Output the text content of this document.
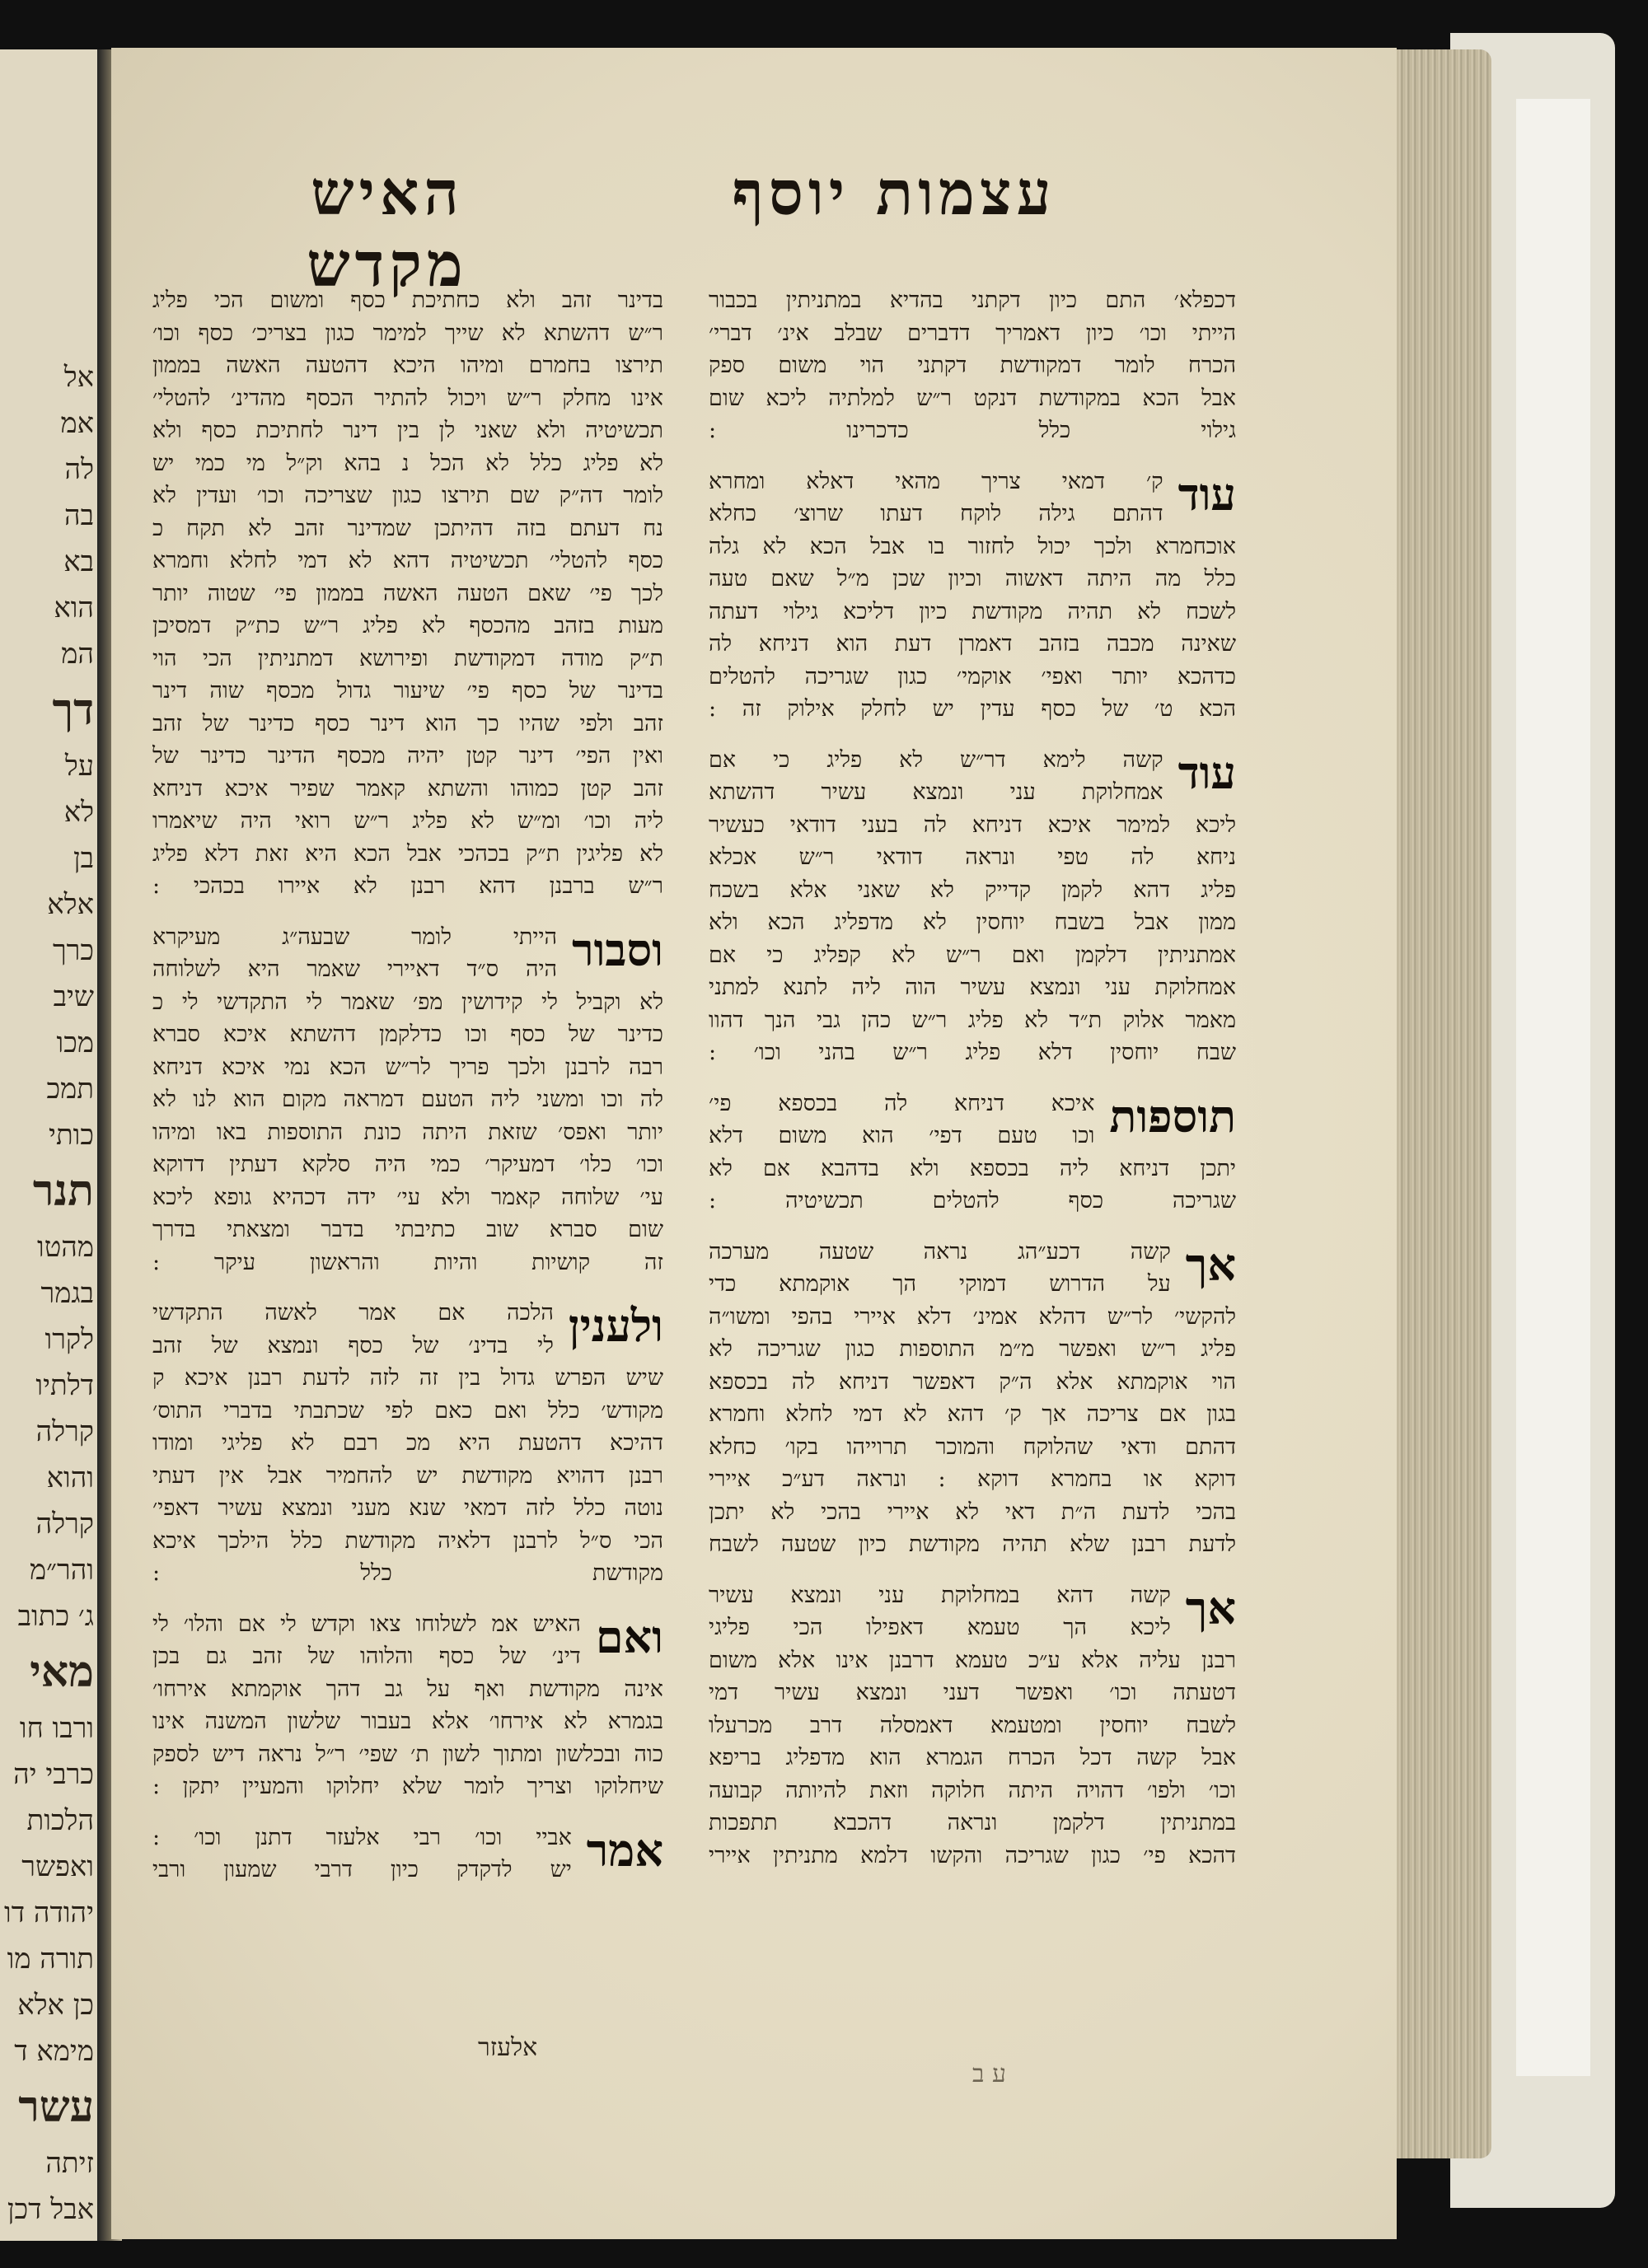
אל
אמ
לה
בה
בא
הוא
המ
דך
על
לא
בן
אלא
כרך
שיב
מכו
תמכ
כותי
תנר
מהטו
בגמר
לקרו
דלתיו
קרלה
והוא
קרלה
והר״מ
ג׳ כתוב
מאי
ורבו חו
כרבי יה
הלכות
ואפשר
יהודה דו
תורה מו
כן אלא
מימא ד
עשר
זיתה
אבל דכן
עצמות יוסף
האיש מקדש	דכפלא׳ התם כיון דקתני בהדיא במתניתין בכבור
הייתי וכו׳ כיון דאמריך דדברים שבלב אינ׳ דברי׳
הכרח לומר דמקודשת דקתני הוי משום ספק
אבל הכא במקודשת דנקט ר״ש למלתיה ליכא שום
גילוי כלל כדכרינו :
עוד
ק׳ דמאי צריך מהאי דאלא ומחרא
דהתם גילה לוקח דעתו שרוצ׳ כחלא
אוכחמרא ולכך יכול לחזור בו אבל הכא לא גלה
כלל מה היתה דאשוה וכיון שכן מ״ל שאם טעה
לשכח לא תהיה מקודשת כיון דליכא גילוי דעתה
שאינה מכבה בזהב דאמרן דעת הוא דניחא לה
כדהכא יותר ואפי׳ אוקמי׳ כגון שגריכה להטלים
הכא ט׳ של כסף עדין יש לחלק אילוק זה :
עוד
קשה לימא דר״ש לא פליג כי אם
אמחלוקת עני ונמצא עשיר דהשתא
ליכא למימר איכא דניחא לה בעני דודאי כעשיר
ניחא לה טפי ונראה דודאי ר״ש אכלא
פליג דהא לקמן קדייק לא שאני אלא בשכח
ממון אבל בשבח יוחסין לא מדפליג הכא ולא
אמתניתין דלקמן ואם ר״ש לא קפליג כי אם
אמחלוקת עני ונמצא עשיר הוה ליה לתנא למתני
מאמר אלוק ת״ד לא פליג ר״ש כהן גבי הנך דהוו
שבח יוחסין דלא פליג ר״ש בהני וכו׳ :
תוספות
איכא דניחא לה בכספא פי׳
וכו טעם דפי׳ הוא משום דלא
יתכן דניחא ליה בכספא ולא בדהבא אם לא
שגריכה כסף להטלים תכשיטיה :
אך
קשה דכע״הג נראה שטעה מערכה
על הדרוש דמוקי הך אוקמתא כדי
להקשי׳ לר״ש דהלא אמינ׳ דלא איירי בהפי ומשו״ה
פליג ר״ש ואפשר מ״מ התוספות כגון שגריכה לא
הוי אוקמתא אלא ה״ק דאפשר דניחא לה בכספא
בגון אם צריכה אך ק׳ דהא לא דמי לחלא וחמרא
דהתם ודאי שהלוקח והמוכר תרוייהו בקו׳ כחלא
דוקא או בחמרא דוקא : ונראה דע״כ איירי
בהכי לדעת ה״ת דאי לא איירי בהכי לא יתכן
לדעת רבנן שלא תהיה מקודשת כיון שטעה לשבח
אך
קשה דהא במחלוקת עני ונמצא עשיר
ליכא הך טעמא דאפילו הכי פליגי
רבנן עליה אלא ע״כ טעמא דרבנן אינו אלא משום
דטעתה וכו׳ ואפשר דעני ונמצא עשיר דמי
לשבח יוחסין ומטעמא דאמסלה דרב מכרעלו
אבל קשה דכל הכרח הגמרא הוא מדפליג בריפא
וכו׳ ולפו׳ דהויה היתה חלוקה וזאת להיותה קבועה
במתניתין דלקמן ונראה דהכבא תתפכות
דהכא פי׳ כגון שגריכה והקשו דלמא מתניתין איירי
בדינר זהב ולא כחתיכת כסף ומשום הכי פליג
ר״ש דהשתא לא שייך למימר כגון בצריכ׳ כסף וכו׳
תירצו בחמרם ומיהו היכא דהטעה האשה בממון
אינו מחלק ר״ש ויכול להתיר הכסף מהדינ׳ להטלי׳
תכשיטיה ולא שאני לן בין דינר לחתיכת כסף ולא
לא פליג כלל לא הכל נ בהא וק״ל מי כמי יש
לומר דה״ק שם תירצו כגון שצריכה וכו׳ ועדין לא
נח דעתם בזה דהיתכן שמדינר זהב לא תקח כ
כסף להטלי׳ תכשיטיה דהא לא דמי לחלא וחמרא
לכך פי׳ שאם הטעה האשה בממון פי׳ שטוה יותר
מעות בזהב מהכסף לא פליג ר״ש כת״ק דמסיכן
ת״ק מודה דמקודשת ופירושא דמתניתין הכי הוי
בדינר של כסף פי׳ שיעור גדול מכסף שוה דינר
זהב ולפי שהיו כך הוא דינר כסף כדינר של זהב
ואין הפי׳ דינר קטן יהיה מכסף הדינר כדינר של
זהב קטן כמוהו והשתא קאמר שפיר איכא דניחא
ליה וכו׳ ומ״ש לא פליג ר״ש רואי היה שיאמרו
לא פליגין ת״ק בכהכי אבל הכא היא זאת דלא פליג
ר״ש ברבנן דהא רבנן לא איירו בכהכי :
וסבור
הייתי לומר שבעה״ג מעיקרא
היה ס״ד דאיירי שאמר היא לשלוחה
לא וקביל לי קידושין מפ׳ שאמר לי התקדשי לי כ
כדינר של כסף וכו כדלקמן דהשתא איכא סברא
רבה לרבנן ולכך פריך לר״ש הכא נמי איכא דניחא
לה וכו ומשני ליה הטעם דמראה מקום הוא לנו לא
יותר ואפס׳ שזאת היתה כונת התוספות באו ומיהו
וכו׳ כלו׳ דמעיקר׳ כמי היה סלקא דעתין דדוקא
עי׳ שלוחה קאמר ולא עי׳ ידה דכהיא גופא ליכא
שום סברא שוב כתיבתי בדבר ומצאתי בדרך
זה קושיות והיות והראשון עיקר :
ולענין
הלכה אם אמר לאשה התקדשי
לי בדינ׳ של כסף ונמצא של זהב
שיש הפרש גדול בין זה לזה לדעת רבנן איכא ק
מקודש׳ כלל ואם כאם לפי שכתבתי בדברי התוס׳
דהיכא דהטעת היא מכ רבם לא פליגי ומודו
רבנן דהויא מקודשת יש להחמיר אבל אין דעתי
נוטה כלל לזה דמאי שנא מעני ונמצא עשיר דאפי׳
הכי ס״ל לרבנן דלאיה מקודשת כלל הילכך איכא
מקודשת כלל :
ואם
האיש אמ לשלוחו צאו וקדש לי אם והלו׳ לי
דינ׳ של כסף והלוהו של זהב גם בכן
אינה מקודשת ואף על גב דהך אוקמתא אירחו׳
בגמרא לא אירחו׳ אלא בעבור שלשון המשנה אינו
כוה ובכלשון ומתוך לשון ת׳ שפי׳ ר״ל נראה דיש לספק
שיחלוקו וצריך לומר שלא יחלוקו והמעיין יתקן :
אמר
אביי וכו׳ רבי אלעזר דתנן וכו׳ :
יש לדקדק כיון דרבי שמעון ורבי
אלעזר
ע ב
